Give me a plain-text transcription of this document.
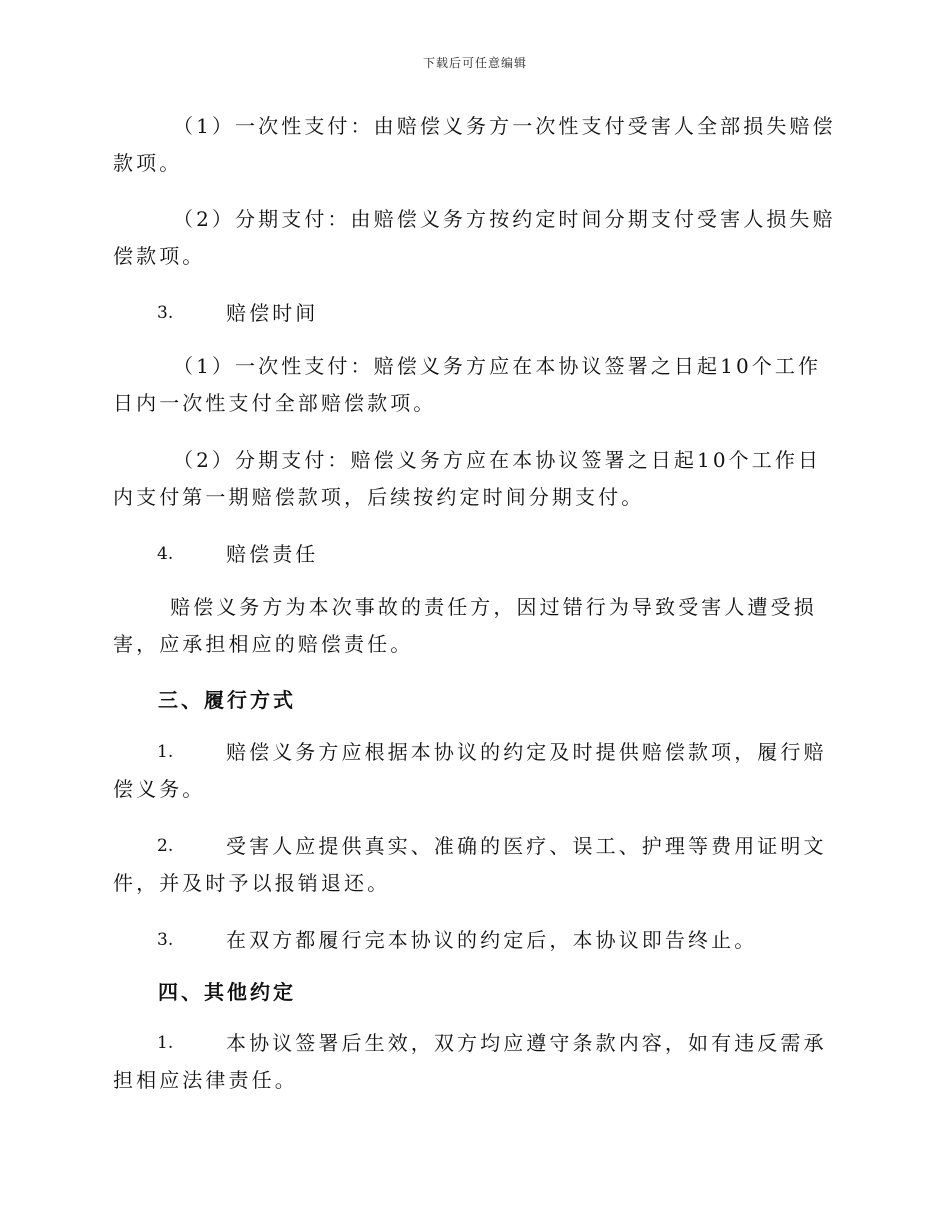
下载后可任意编辑

（1）一次性支付：由赔偿义务方一次性支付受害人全部损失赔偿款项。

（2）分期支付：由赔偿义务方按约定时间分期支付受害人损失赔偿款项。

3.	赔偿时间

（1）一次性支付：赔偿义务方应在本协议签署之日起10个工作日内一次性支付全部赔偿款项。

（2）分期支付：赔偿义务方应在本协议签署之日起10个工作日内支付第一期赔偿款项，后续按约定时间分期支付。

4.	赔偿责任

赔偿义务方为本次事故的责任方，因过错行为导致受害人遭受损害，应承担相应的赔偿责任。

三、履行方式
1.	赔偿义务方应根据本协议的约定及时提供赔偿款项，履行赔偿义务。
2.	受害人应提供真实、准确的医疗、误工、护理等费用证明文件，并及时予以报销退还。
3.	在双方都履行完本协议的约定后，本协议即告终止。
四、其他约定
1.	本协议签署后生效，双方均应遵守条款内容，如有违反需承担相应法律责任。
